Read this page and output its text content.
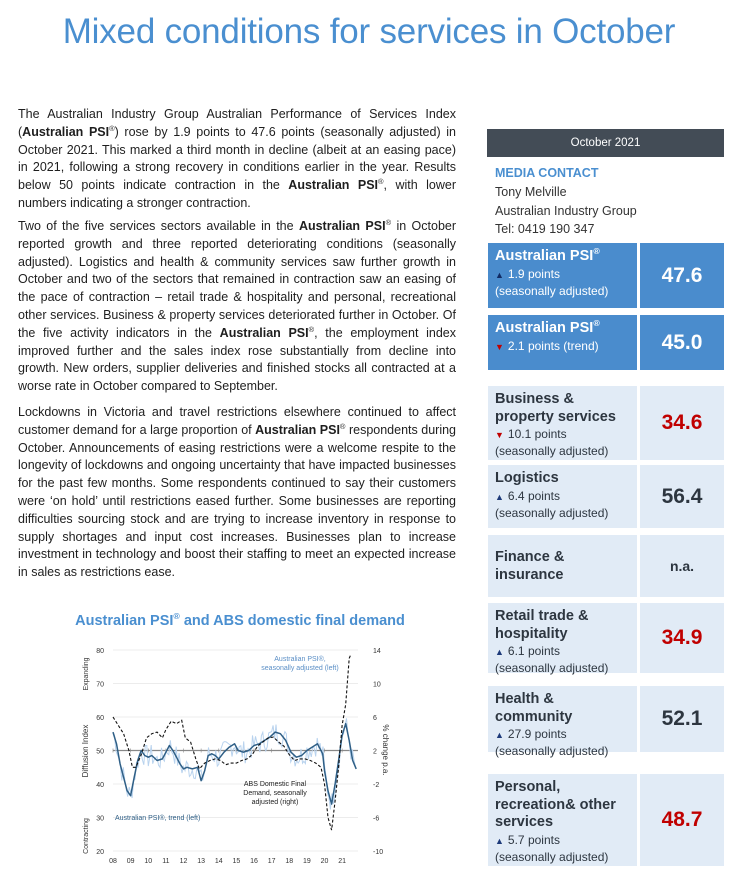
Mixed conditions for services in October
The Australian Industry Group Australian Performance of Services Index (Australian PSI®) rose by 1.9 points to 47.6 points (seasonally adjusted) in October 2021. This marked a third month in decline (albeit at an easing pace) in 2021, following a strong recovery in conditions earlier in the year. Results below 50 points indicate contraction in the Australian PSI®, with lower numbers indicating a stronger contraction.
Two of the five services sectors available in the Australian PSI® in October reported growth and three reported deteriorating conditions (seasonally adjusted). Logistics and health & community services saw further growth in October and two of the sectors that remained in contraction saw an easing of the pace of contraction – retail trade & hospitality and personal, recreational other services. Business & property services deteriorated further in October. Of the five activity indicators in the Australian PSI®, the employment index improved further and the sales index rose substantially from decline into growth. New orders, supplier deliveries and finished stocks all contracted at a worse rate in October compared to September.
Lockdowns in Victoria and travel restrictions elsewhere continued to affect customer demand for a large proportion of Australian PSI® respondents during October. Announcements of easing restrictions were a welcome respite to the longevity of lockdowns and ongoing uncertainty that have impacted businesses for the past few months. Some respondents continued to say their customers were ‘on hold’ until restrictions eased further. Some businesses are reporting difficulties sourcing stock and are trying to increase inventory in response to supply shortages and input cost increases. Businesses plan to increase investment in technology and boost their staffing to meet an expected increase in sales as restrictions ease.
October 2021
MEDIA CONTACT
Tony Melville
Australian Industry Group
Tel: 0419 190 347
Australian PSI®
▲ 1.9 points
(seasonally adjusted)
47.6
Australian PSI®
▼ 2.1 points (trend)	45.0
Business & property services
▼ 10.1 points
(seasonally adjusted)
34.6
Logistics
▲ 6.4 points
(seasonally adjusted)
56.4
Finance & insurance
n.a.
Retail trade & hospitality
▲ 6.1 points
(seasonally adjusted)
34.9
Health & community
▲ 27.9 points
(seasonally adjusted)
52.1
Personal, recreation& other services
▲ 5.7 points
(seasonally adjusted)
48.7
Australian PSI® and ABS domestic final demand
80
70
60
50
40
30
20
14
10
6
2
-2
-6
-10
08 09 10 11 12 13 14 15 16 17 18 19 20 21
Expanding
Diffusion Index
Contracting
% change p.a.
Australian PSI®,
seasonally adjusted (left)
ABS Domestic Final
Demand, seasonally
adjusted (right)
Australian PSI®, trend (left)
